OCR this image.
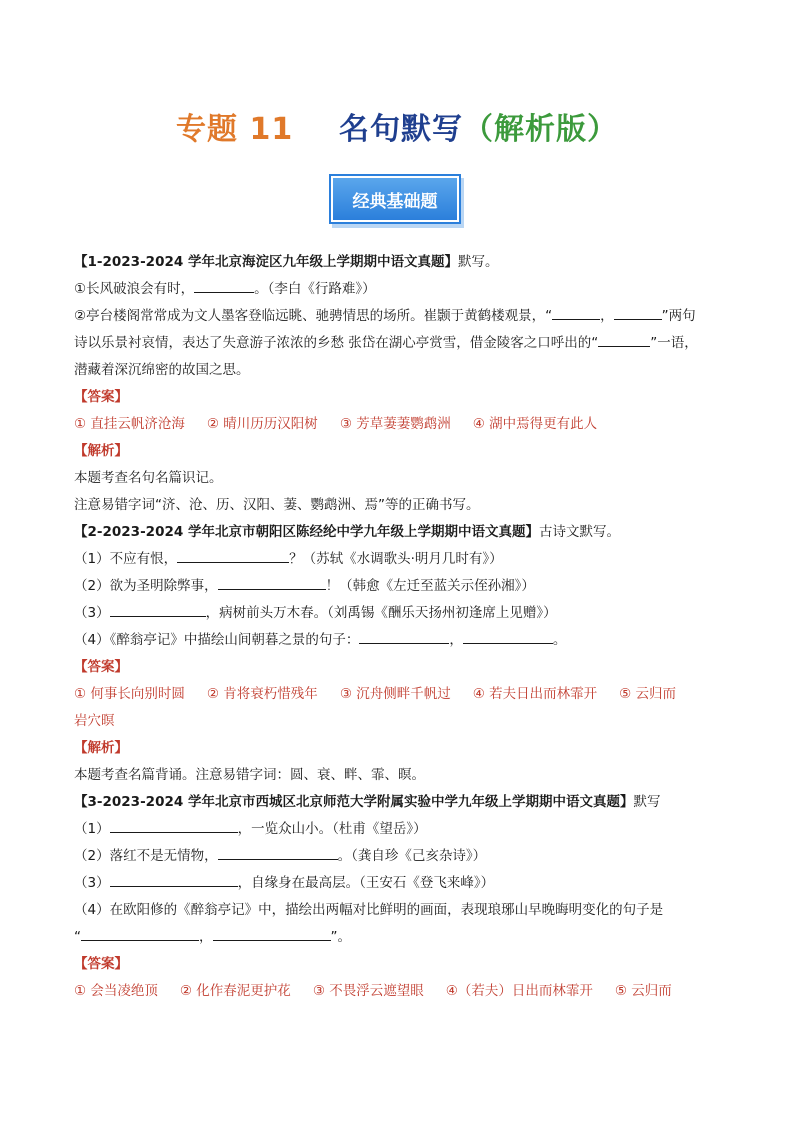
专题 11 名句默写（解析版）
经典基础题
【1-2023-2024 学年北京海淀区九年级上学期期中语文真题】默写。
①长风破浪会有时，	。（李白《行路难》）
②亭台楼阁常常成为文人墨客登临远眺、驰骋情思的场所。崔颢于黄鹤楼观景，“	，	”两句
诗以乐景衬哀情，表达了失意游子浓浓的乡愁 张岱在湖心亭赏雪，借金陵客之口呼出的“	”一语，
潜藏着深沉绵密的故国之思。
【答案】
① 直挂云帆济沧海 ② 晴川历历汉阳树 ③ 芳草萋萋鹦鹉洲 ④ 湖中焉得更有此人
【解析】
本题考查名句名篇识记。
注意易错字词“济、沧、历、汉阳、萋、鹦鹉洲、焉”等的正确书写。
【2-2023-2024 学年北京市朝阳区陈经纶中学九年级上学期期中语文真题】古诗文默写。
（1）不应有恨，	？（苏轼《水调歌头·明月几时有》）
（2）欲为圣明除弊事，	！（韩愈《左迁至蓝关示侄孙湘》）
（3）	，病树前头万木春。（刘禹锡《酬乐天扬州初逢席上见赠》）
（4）《醉翁亭记》中描绘山间朝暮之景的句子：	，	。
【答案】
① 何事长向别时圆 ② 肯将衰朽惜残年 ③ 沉舟侧畔千帆过 ④ 若夫日出而林霏开 ⑤ 云归而
岩穴暝
【解析】
本题考查名篇背诵。注意易错字词：圆、衰、畔、霏、暝。
【3-2023-2024 学年北京市西城区北京师范大学附属实验中学九年级上学期期中语文真题】默写
（1）	，一览众山小。（杜甫《望岳》）
（2）落红不是无情物，	。（龚自珍《己亥杂诗》）
（3）	，自缘身在最高层。（王安石《登飞来峰》）
（4）在欧阳修的《醉翁亭记》中，描绘出两幅对比鲜明的画面，表现琅琊山早晚晦明变化的句子是
“	，	”。
【答案】
① 会当凌绝顶 ② 化作春泥更护花 ③ 不畏浮云遮望眼 ④（若夫）日出而林霏开 ⑤ 云归而
